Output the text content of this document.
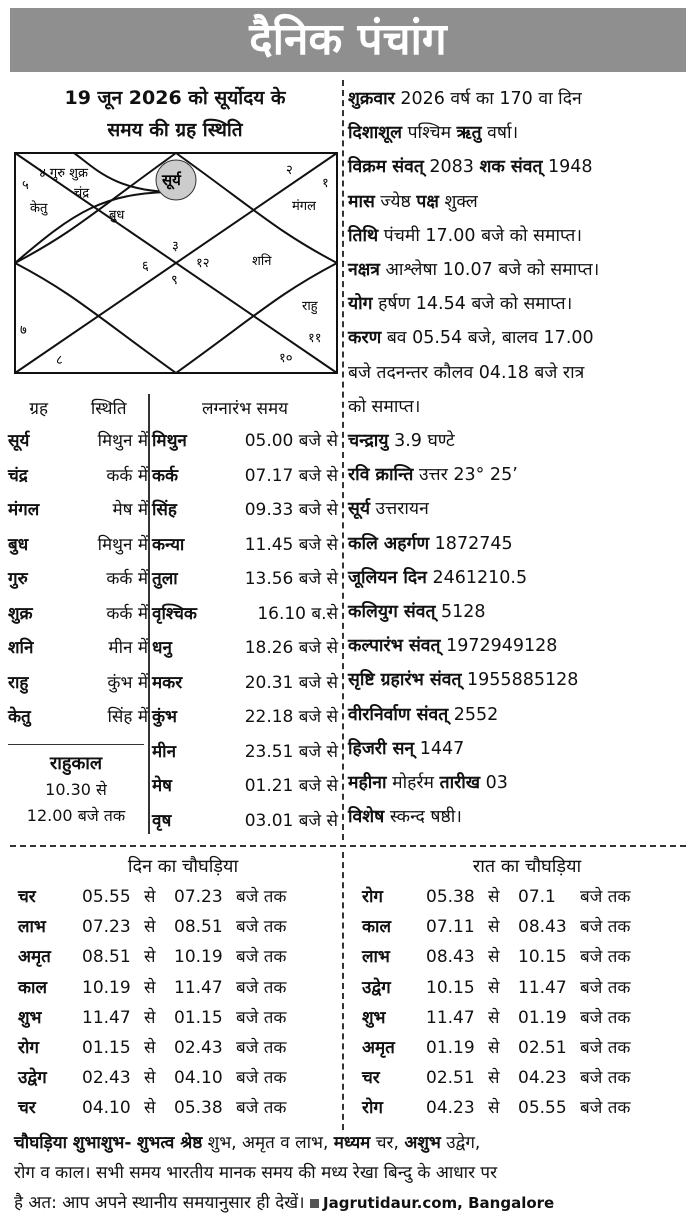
दैनिक पंचांग
19 जून 2026 को सूर्योदय के
समय की ग्रह स्थिति
४ गुरु शुक्र
चंद्र
सूर्य
बुध
केतु
५
३
२
१
मंगल
६
९
१२	शनि
७
८	१०
राहु
११
ग्रह	स्थिति
सूर्य	मिथुन में
चंद्र	कर्क में
मंगल	मेष में
बुध	मिथुन में
गुरु	कर्क में
शुक्र	कर्क में
शनि	मीन में
राहु	कुंभ में
केतु	सिंह में
लग्नारंभ समय
मिथुन	05.00 बजे से
कर्क	07.17 बजे से
सिंह	09.33 बजे से
कन्या	11.45 बजे से
तुला	13.56 बजे से
वृश्चिक	16.10 ब.से
धनु	18.26 बजे से
मकर	20.31 बजे से
कुंभ	22.18 बजे से
मीन	23.51 बजे से
मेष	01.21 बजे से
वृष	03.01 बजे से
राहुकाल
10.30 से
12.00 बजे तक
शुक्रवार 2026 वर्ष का 170 वा दिन
दिशाशूल पश्चिम ऋतु वर्षा।
विक्रम संवत् 2083 शक संवत् 1948
मास ज्येष्ठ पक्ष शुक्ल
तिथि पंचमी 17.00 बजे को समाप्त।
नक्षत्र आश्लेषा 10.07 बजे को समाप्त।
योग हर्षण 14.54 बजे को समाप्त।
करण बव 05.54 बजे, बालव 17.00
बजे तदनन्तर कौलव 04.18 बजे रात्र
को समाप्त।
चन्द्रायु 3.9 घण्टे
रवि क्रान्ति उत्तर 23° 25’
सूर्य उत्तरायन
कलि अहर्गण 1872745
जूलियन दिन 2461210.5
कलियुग संवत् 5128
कल्पारंभ संवत् 1972949128
सृष्टि ग्रहारंभ संवत् 1955885128
वीरनिर्वाण संवत् 2552
हिजरी सन् 1447
महीना मोहर्रम तारीख 03
विशेष स्कन्द षष्ठी।
दिन का चौघड़िया
चर	05.55 से	07.23 बजे तक
लाभ	07.23 से	08.51 बजे तक
अमृत	08.51 से	10.19 बजे तक
काल	10.19 से	11.47 बजे तक
शुभ	11.47 से	01.15 बजे तक
रोग	01.15 से	02.43 बजे तक
उद्वेग	02.43 से	04.10 बजे तक
चर	04.10 से	05.38 बजे तक
रात का चौघड़िया
रोग	05.38 से	07.1	बजे तक
काल	07.11 से	08.43 बजे तक
लाभ	08.43 से	10.15 बजे तक
उद्वेग	10.15 से	11.47 बजे तक
शुभ	11.47 से	01.19 बजे तक
अमृत	01.19 से	02.51 बजे तक
चर	02.51 से	04.23 बजे तक
रोग	04.23 से	05.55 बजे तक
चौघड़िया शुभाशुभ- शुभत्व श्रेष्ठ शुभ, अमृत व लाभ, मध्यम चर, अशुभ उद्वेग,
रोग व काल। सभी समय भारतीय मानक समय की मध्य रेखा बिन्दु के आधार पर
है अत: आप अपने स्थानीय समयानुसार ही देखें। Jagrutidaur.com, Bangalore
